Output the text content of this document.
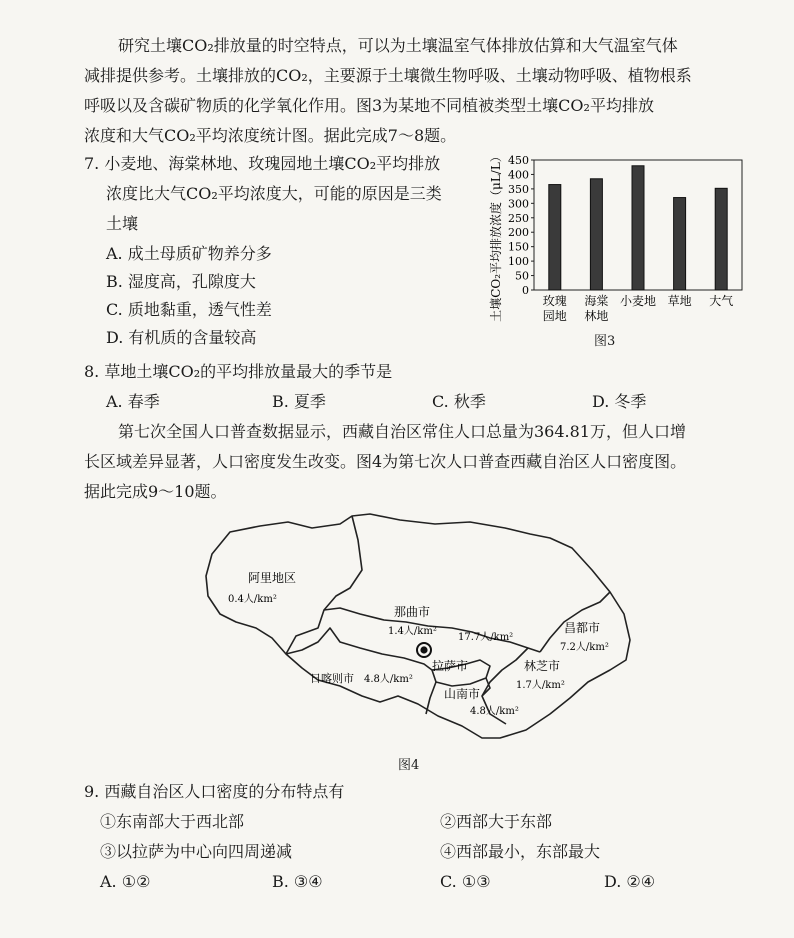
研究土壤CO₂排放量的时空特点，可以为土壤温室气体排放估算和大气温室气体

减排提供参考。土壤排放的CO₂，主要源于土壤微生物呼吸、土壤动物呼吸、植物根系

呼吸以及含碳矿物质的化学氧化作用。图3为某地不同植被类型土壤CO₂平均排放

浓度和大气CO₂平均浓度统计图。据此完成7～8题。

7. 小麦地、海棠林地、玫瑰园地土壤CO₂平均排放

浓度比大气CO₂平均浓度大，可能的原因是三类

土壤

A. 成土母质矿物养分多
B. 湿度高，孔隙度大
C. 质地黏重，透气性差
D. 有机质的含量较高
0
50
100
150
200
250
300
350
400
450
玫瑰
园地
海棠
林地
小麦地 草地 大气
土壤CO₂平均排放浓度（μL/L）
图3

8. 草地土壤CO₂的平均排放量最大的季节是

A. 春季	B. 夏季	C. 秋季	D. 冬季

第七次全国人口普查数据显示，西藏自治区常住人口总量为364.81万，但人口增

长区域差异显著，人口密度发生改变。图4为第七次人口普查西藏自治区人口密度图。

据此完成9～10题。

阿里地区
0.4人/km²
那曲市
1.4人/km²	昌都市
7.2人/km²
林芝市
1.7人/km²
日喀则市 4.8人/km²
山南市
4.8人/km²
拉萨市
17.7人/km²
图4

9. 西藏自治区人口密度的分布特点有

①东南部大于西北部	②西部大于东部
③以拉萨为中心向四周递减	④西部最小，东部最大
A. ①②	B. ③④	C. ①③	D. ②④
